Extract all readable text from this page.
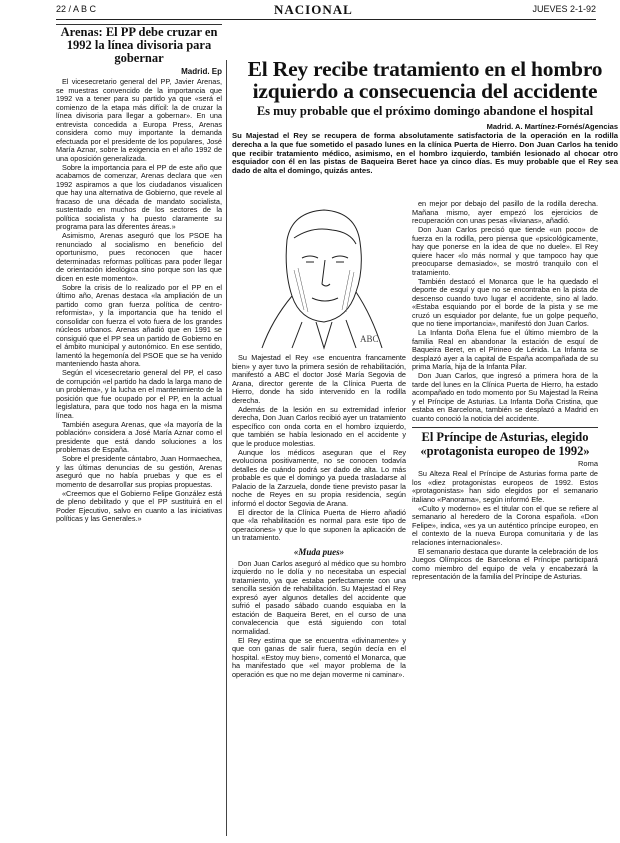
22 / A B C	NACIONAL	JUEVES 2-1-92
Arenas: El PP debe cruzar en 1992 la línea divisoria para gobernar
Madrid. Ep

El vicesecretario general del PP, Javier Arenas, se muestras convencido de la importancia que 1992 va a tener para su partido ya que «será el comienzo de la etapa más difícil: la de cruzar la línea divisoria para llegar a gobernar». En una entrevista concedida a Europa Press, Arenas considera como muy importante la demanda efectuada por el presidente de los populares, José María Aznar, sobre la exigencia en el año 1992 de una oposición generalizada.

Sobre la importancia para el PP de este año que acabamos de comenzar, Arenas declara que «en 1992 aspiramos a que los ciudadanos visualicen que hay una alternativa de Gobierno, que revele al fracaso de una década de mandato socialista, sustentado en muchos de los sectores de la política socialista y ha puesto claramente su programa para las diferentes áreas.»

Asimismo, Arenas aseguró que los PSOE ha renunciado al socialismo en beneficio del oportunismo, pues reconocen que hacer determinadas reformas políticas para poder llegar de orientación ideológica sino porque son las que dicen en este momento».

Sobre la crisis de lo realizado por el PP en el último año, Arenas destaca «la ampliación de un partido como gran fuerza política de centro-reformista», y la importancia que ha tenido el consolidar con fuerza el voto fuera de los grandes núcleos urbanos. Arenas añadió que en 1991 se consiguió que el PP sea un partido de Gobierno en el ámbito municipal y autonómico. En ese sentido, lamentó la hegemonía del PSOE que se ha venido manteniendo hasta ahora.

Según el vicesecretario general del PP, el caso de corrupción «el partido ha dado la larga mano de un problema», y la lucha en el mantenimiento de la posición que fue ocupado por el PP, en la actual legislatura, para que todo nos haga en la misma línea.

También asegura Arenas, que «la mayoría de la población» considera a José María Aznar como el presidente que está dando soluciones a los problemas de España.

Sobre el presidente cántabro, Juan Hormaechea, y las últimas denuncias de su gestión, Arenas aseguró que no había pruebas y que es el momento de desarrollar sus propias propuestas.

«Creemos que el Gobierno Felipe González está de pleno debilitado y que el PP sustituirá en el Poder Ejecutivo, salvo en cuanto a las iniciativas políticas y las Generales.»

El Rey recibe tratamiento en el hombro izquierdo a consecuencia del accidente
Es muy probable que el próximo domingo abandone el hospital
Madrid. A. Martínez-Fornés/Agencias
Su Majestad el Rey se recupera de forma absolutamente satisfactoria de la operación en la rodilla derecha a la que fue sometido el pasado lunes en la clínica Puerta de Hierro. Don Juan Carlos ha tenido que recibir tratamiento médico, asimismo, en el hombro izquierdo, también lesionado al chocar otro esquiador con él en las pistas de Baqueira Beret hace ya cinco días. Es muy probable que el Rey sea dado de alta el domingo, quizás antes.
ABC

Su Majestad el Rey «se encuentra francamente bien» y ayer tuvo la primera sesión de rehabilitación, manifestó a ABC el doctor José María Segovia de Arana, director gerente de la Clínica Puerta de Hierro, donde ha sido intervenido en la rodilla derecha.

Además de la lesión en su extremidad inferior derecha, Don Juan Carlos recibió ayer un tratamiento específico con onda corta en el hombro izquierdo, que también se había lesionado en el accidente y que le produce molestias.

Aunque los médicos aseguran que el Rey evoluciona positivamente, no se conocen todavía detalles de cuándo podrá ser dado de alta. Lo más probable es que el domingo ya pueda trasladarse al Palacio de la Zarzuela, donde tiene previsto pasar la noche de Reyes en su propia residencia, según informó el doctor Segovia de Arana.

El director de la Clínica Puerta de Hierro añadió que «la rehabilitación es normal para este tipo de operaciones» y que lo que suponen la aplicación de un tratamiento.

«Muda pues»

Don Juan Carlos aseguró al médico que su hombro izquierdo no le dolía y no necesitaba un especial tratamiento, ya que estaba perfectamente con una sencilla sesión de rehabilitación. Su Majestad el Rey expresó ayer algunos detalles del accidente que sufrió el pasado sábado cuando esquiaba en la estación de Baqueira Beret, en el curso de una convalecencia que está siguiendo con total normalidad.

El Rey estima que se encuentra «divinamente» y que con ganas de salir fuera, según decía en el hospital. «Estoy muy bien», comentó el Monarca, que ha manifestado que «el mayor problema de la operación es que no me dejan moverme ni caminar».

en mejor por debajo del pasillo de la rodilla derecha. Mañana mismo, ayer empezó los ejercicios de recuperación con unas pesas «livianas», añadió.

Don Juan Carlos precisó que tiende «un poco» de fuerza en la rodilla, pero piensa que «psicológicamente, hay que ponerse en la idea de que no duele». El Rey quiere hacer «lo más normal y que tampoco hay que preocuparse demasiado», se mostró tranquilo con el tratamiento.

También destacó el Monarca que le ha quedado el deporte de esquí y que no se encontraba en la pista de descenso cuando tuvo lugar el accidente, sino al lado. «Estaba esquiando por el borde de la pista y se me cruzó un esquiador por delante, fue un golpe pequeño, que no tiene importancia», manifestó don Juan Carlos.

La Infanta Doña Elena fue el último miembro de la familia Real en abandonar la estación de esquí de Baqueira Beret, en el Pirineo de Lérida. La Infanta se desplazó ayer a la capital de España acompañada de su prima María, hija de la Infanta Pilar.

Don Juan Carlos, que ingresó a primera hora de la tarde del lunes en la Clínica Puerta de Hierro, ha estado acompañado en todo momento por Su Majestad la Reina y el Príncipe de Asturias. La Infanta Doña Cristina, que estaba en Barcelona, también se desplazó a Madrid en cuanto conoció la noticia del accidente.

El Príncipe de Asturias, elegido «protagonista europeo de 1992»
Roma

Su Alteza Real el Príncipe de Asturias forma parte de los «diez protagonistas europeos de 1992. Estos «protagonistas» han sido elegidos por el semanario italiano «Panorama», según informó Efe.

«Culto y moderno» es el titular con el que se refiere al semanario al heredero de la Corona española. «Don Felipe», indica, «es ya un auténtico príncipe europeo, en el contexto de la nueva Europa comunitaria y de las relaciones internacionales».

El semanario destaca que durante la celebración de los Juegos Olímpicos de Barcelona el Príncipe participará como miembro del equipo de vela y encabezará la representación de la familia del Príncipe de Asturias.
